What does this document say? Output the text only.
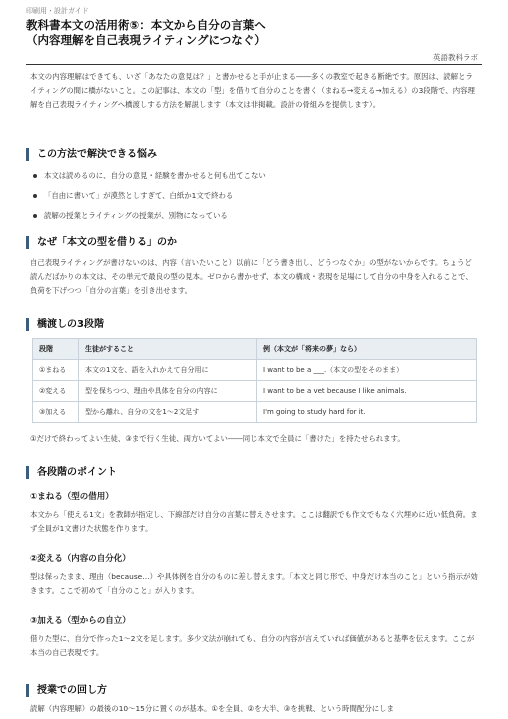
印刷用・設計ガイド
教科書本文の活用術⑤：本文から自分の言葉へ
（内容理解を自己表現ライティングにつなぐ）
英語教科ラボ

本文の内容理解はできても、いざ「あなたの意見は？」と書かせると手が止まる――多くの教室で起きる断絶です。原因は、読解とライティングの間に橋がないこと。この記事は、本文の「型」を借りて自分のことを書く（まねる→変える→加える）の3段階で、内容理解を自己表現ライティングへ橋渡しする方法を解説します（本文は非掲載。設計の骨組みを提供します）。

この方法で解決できる悩み
本文は読めるのに、自分の意見・経験を書かせると何も出てこない
「自由に書いて」が漠然としすぎて、白紙か1文で終わる
読解の授業とライティングの授業が、別物になっている
なぜ「本文の型を借りる」のか

自己表現ライティングが書けないのは、内容（言いたいこと）以前に「どう書き出し、どうつなぐか」の型がないからです。ちょうど読んだばかりの本文は、その単元で最良の型の見本。ゼロから書かせず、本文の構成・表現を足場にして自分の中身を入れることで、負荷を下げつつ「自分の言葉」を引き出せます。

橋渡しの3段階
段階	生徒がすること	例（本文が「将来の夢」なら）
①まねる	本文の1文を、語を入れかえて自分用に	I want to be a ___.（本文の型をそのまま）
②変える	型を保ちつつ、理由や具体を自分の内容に	I want to be a vet because I like animals.
③加える	型から離れ、自分の文を1～2文足す	I'm going to study hard for it.

①だけで終わってよい生徒、③まで行く生徒、両方いてよい――同じ本文で全員に「書けた」を持たせられます。

各段階のポイント
①まねる（型の借用）

本文から「使える1文」を教師が指定し、下線部だけ自分の言葉に替えさせます。ここは翻訳でも作文でもなく穴埋めに近い低負荷。まず全員が1文書けた状態を作ります。

②変える（内容の自分化）

型は保ったまま、理由（because…）や具体例を自分のものに差し替えます。「本文と同じ形で、中身だけ本当のこと」という指示が効きます。ここで初めて「自分のこと」が入ります。

③加える（型からの自立）

借りた型に、自分で作った1～2文を足します。多少文法が崩れても、自分の内容が言えていれば価値があると基準を伝えます。ここが本当の自己表現です。

授業での回し方

読解（内容理解）の最後の10～15分に置くのが基本。①を全員、②を大半、③を挑戦、という時間配分にしま
